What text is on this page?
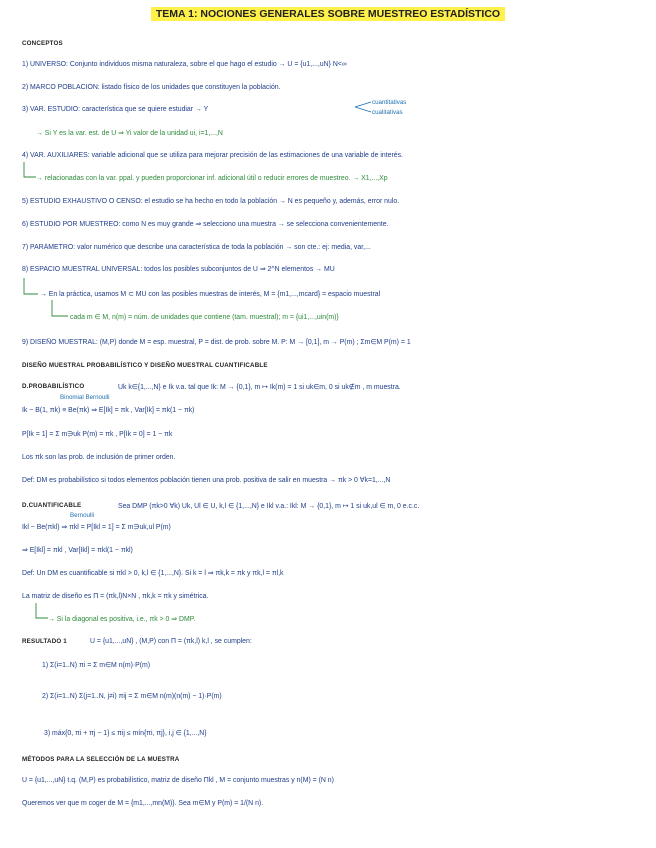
TEMA 1: NOCIONES GENERALES SOBRE MUESTREO ESTADÍSTICO
CONCEPTOS
1) UNIVERSO: Conjunto individuos misma naturaleza, sobre el que hago el estudio → U = {u1,...,uN} N<∞
2) MARCO POBLACIÓN: listado físico de los unidades que constituyen la población.
3) VAR. ESTUDIO: característica que se quiere estudiar → Y
cuantitativas
cualitativas
→ Si Y es la var. est. de U ⇒ Yi valor de la unidad ui, i=1,...,N
4) VAR. AUXILIARES: variable adicional que se utiliza para mejorar precisión de las estimaciones de una variable de interés.
→ relacionadas con la var. ppal. y pueden proporcionar inf. adicional útil o reducir errores de muestreo. → X1,...,Xp
5) ESTUDIO EXHAUSTIVO O CENSO: el estudio se ha hecho en todo la población → N es pequeño y, además, error nulo.
6) ESTUDIO POR MUESTREO: como N es muy grande ⇒ selecciono una muestra → se selecciona convenientemente.
7) PARÁMETRO: valor numérico que describe una característica de toda la población → son cte.: ej: media, var,...
8) ESPACIO MUESTRAL UNIVERSAL: todos los posibles subconjuntos de U ⇒ 2^N elementos → MU
→ En la práctica, usamos M ⊂ MU con las posibles muestras de interés, M = {m1,...,mcard} = espacio muestral
cada m ∈ M, n(m) = núm. de unidades que contiene (tam. muestral); m = {ui1,...,uin(m)}
9) DISEÑO MUESTRAL: (M,P) donde M = esp. muestral, P = dist. de prob. sobre M. P: M → [0,1], m → P(m) ; Σm∈M P(m) = 1
DISEÑO MUESTRAL PROBABILÍSTICO Y DISEÑO MUESTRAL CUANTIFICABLE
D.PROBABILÍSTICO	Uk k∈{1,...,N} e Ik v.a. tal que Ik: M → {0,1}, m ↦ Ik(m) = 1 si uk∈m, 0 si uk∉m , m muestra.
Binomial Bernoulli
Ik ~ B(1, πk) ≡ Be(πk) ⇒ E[Ik] = πk , Var[Ik] = πk(1 − πk)
P[Ik = 1] = Σ m∋uk P(m) = πk , P[Ik = 0] = 1 − πk
Los πk son las prob. de inclusión de primer orden.
Def: DM es probabilístico si todos elementos población tienen una prob. positiva de salir en muestra → πk > 0 ∀k=1,...,N
D.CUANTIFICABLE	Sea DMP (πk>0 ∀k) Uk, Ul ∈ U, k,l ∈ {1,...,N} e Ikl v.a.: Ikl: M → {0,1}, m ↦ 1 si uk,ul ∈ m, 0 e.c.c.
Bernoulli
Ikl ~ Be(πkl) ⇒ πkl = P[Ikl = 1] = Σ m∋uk,ul P(m)
⇒ E[Ikl] = πkl , Var[Ikl] = πkl(1 − πkl)
Def: Un DM es cuantificable si πkl > 0, k,l ∈ {1,...,N}. Si k = l ⇒ πk,k = πk y πk,l = πl,k
La matriz de diseño es Π = (πk,l)N×N , πk,k = πk y simétrica.
→ Si la diagonal es positiva, i.e., πk > 0 ⇒ DMP.
RESULTADO 1	U = {u1,...,uN} , (M,P) con Π = (πk,l) k,l , se cumplen:
1) Σ(i=1..N) πi = Σ m∈M n(m)·P(m)
2) Σ(i=1..N) Σ(j=1..N, j≠i) πij = Σ m∈M n(m)(n(m) − 1)·P(m)
3) máx{0, πi + πj − 1} ≤ πij ≤ mín{πi, πj}, i,j ∈ {1,...,N}
MÉTODOS PARA LA SELECCIÓN DE LA MUESTRA
U = {u1,...,uN} t.q. (M,P) es probabilístico, matriz de diseño Πkl , M = conjunto muestras y n(M) = (N n)
Queremos ver que m coger de M = {m1,...,mn(M)}. Sea m∈M y P(m) = 1/(N n).
